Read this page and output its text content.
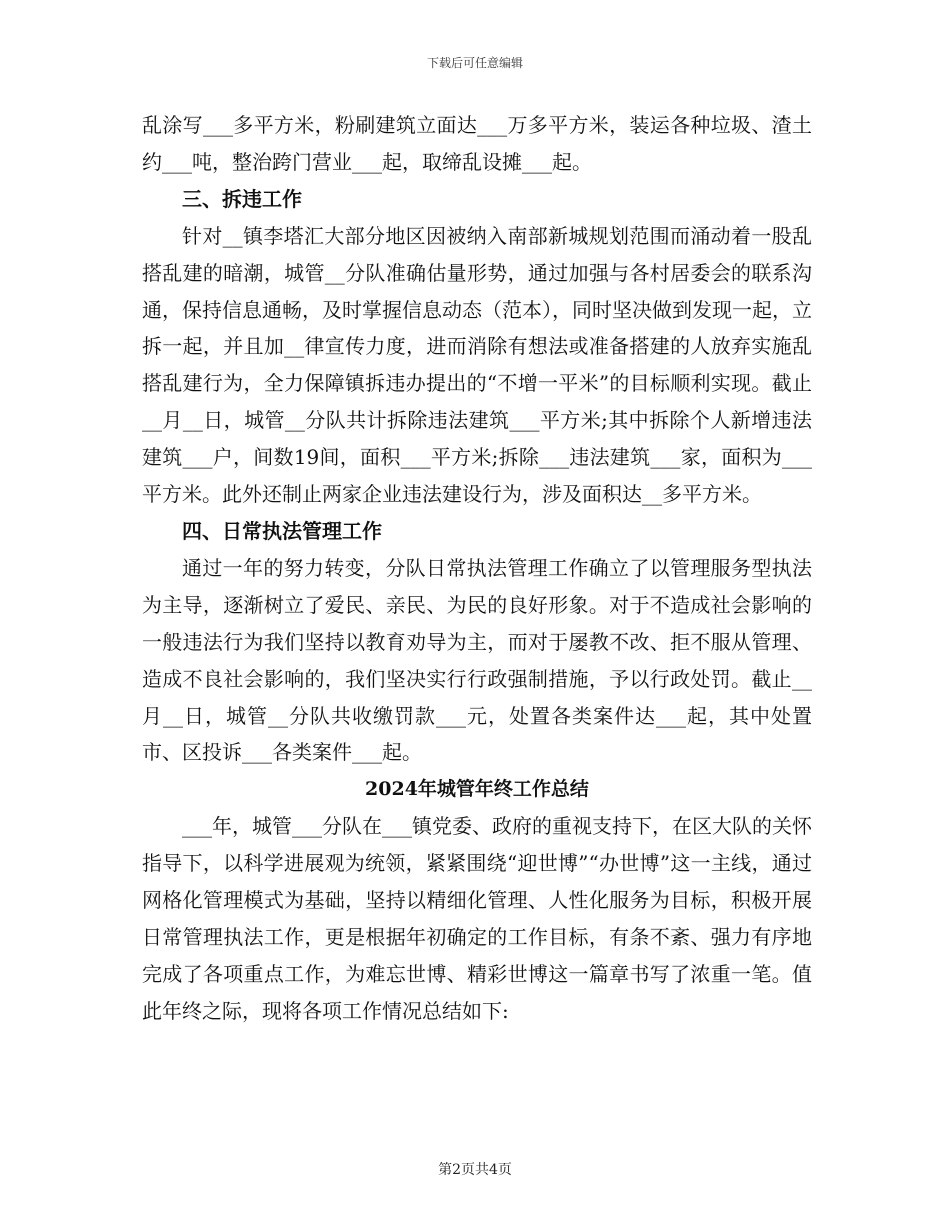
下载后可任意编辑

乱涂写___多平方米，粉刷建筑立面达___万多平方米，装运各种垃圾、渣土约___吨，整治跨门营业___起，取缔乱设摊___起。

三、拆违工作

针对__镇李塔汇大部分地区因被纳入南部新城规划范围而涌动着一股乱搭乱建的暗潮，城管__分队准确估量形势，通过加强与各村居委会的联系沟通，保持信息通畅，及时掌握信息动态（范本），同时坚决做到发现一起，立拆一起，并且加__律宣传力度，进而消除有想法或准备搭建的人放弃实施乱搭乱建行为，全力保障镇拆违办提出的“不增一平米”的目标顺利实现。截止__月__日，城管__分队共计拆除违法建筑___平方米;其中拆除个人新增违法建筑___户，间数19间，面积___平方米;拆除___违法建筑___家，面积为___平方米。此外还制止两家企业违法建设行为，涉及面积达__多平方米。

四、日常执法管理工作

通过一年的努力转变，分队日常执法管理工作确立了以管理服务型执法为主导，逐渐树立了爱民、亲民、为民的良好形象。对于不造成社会影响的一般违法行为我们坚持以教育劝导为主，而对于屡教不改、拒不服从管理、造成不良社会影响的，我们坚决实行行政强制措施，予以行政处罚。截止__月__日，城管__分队共收缴罚款___元，处置各类案件达___起，其中处置市、区投诉___各类案件___起。

2024年城管年终工作总结

___年，城管___分队在___镇党委、政府的重视支持下，在区大队的关怀指导下，以科学进展观为统领，紧紧围绕“迎世博”“办世博”这一主线，通过网格化管理模式为基础，坚持以精细化管理、人性化服务为目标，积极开展日常管理执法工作，更是根据年初确定的工作目标，有条不紊、强力有序地完成了各项重点工作，为难忘世博、精彩世博这一篇章书写了浓重一笔。值此年终之际，现将各项工作情况总结如下:

第2页共4页
